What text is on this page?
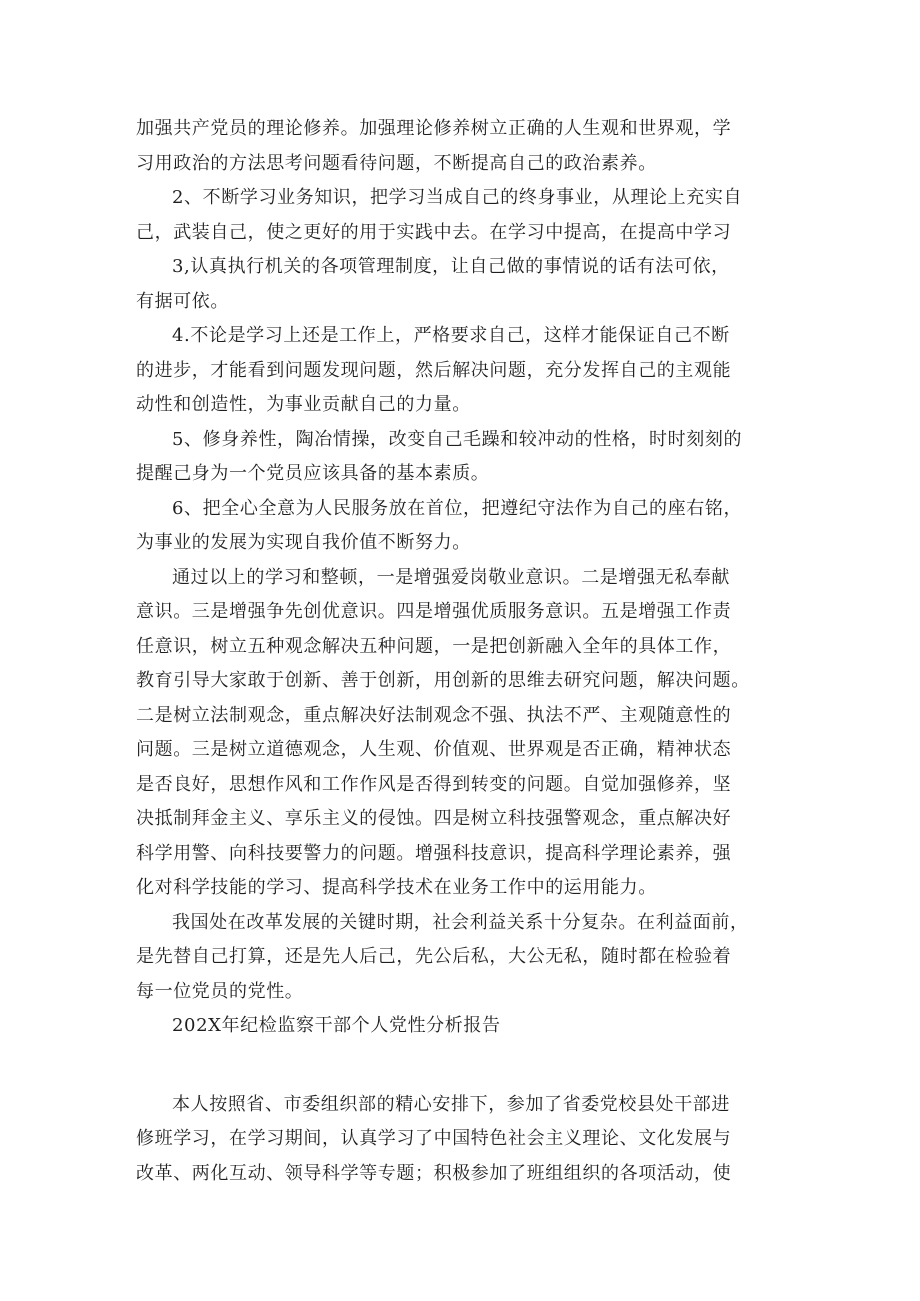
加强共产党员的理论修养。加强理论修养树立正确的人生观和世界观，学
习用政治的方法思考问题看待问题，不断提高自己的政治素养。
2、不断学习业务知识，把学习当成自己的终身事业，从理论上充实自
己，武装自己，使之更好的用于实践中去。在学习中提高，在提高中学习
3,认真执行机关的各项管理制度，让自己做的事情说的话有法可依，
有据可依。
4.不论是学习上还是工作上，严格要求自己，这样才能保证自己不断
的进步，才能看到问题发现问题，然后解决问题，充分发挥自己的主观能
动性和创造性，为事业贡献自己的力量。
5、修身养性，陶冶情操，改变自己毛躁和较冲动的性格，时时刻刻的
提醒己身为一个党员应该具备的基本素质。
6、把全心全意为人民服务放在首位，把遵纪守法作为自己的座右铭，
为事业的发展为实现自我价值不断努力。
通过以上的学习和整顿，一是增强爱岗敬业意识。二是增强无私奉献
意识。三是增强争先创优意识。四是增强优质服务意识。五是增强工作责
任意识，树立五种观念解决五种问题，一是把创新融入全年的具体工作，
教育引导大家敢于创新、善于创新，用创新的思维去研究问题，解决问题。
二是树立法制观念，重点解决好法制观念不强、执法不严、主观随意性的
问题。三是树立道德观念，人生观、价值观、世界观是否正确，精神状态
是否良好，思想作风和工作作风是否得到转变的问题。自觉加强修养，坚
决抵制拜金主义、享乐主义的侵蚀。四是树立科技强警观念，重点解决好
科学用警、向科技要警力的问题。增强科技意识，提高科学理论素养，强
化对科学技能的学习、提高科学技术在业务工作中的运用能力。
我国处在改革发展的关键时期，社会利益关系十分复杂。在利益面前，
是先替自己打算，还是先人后己，先公后私，大公无私，随时都在检验着
每一位党员的党性。
202X年纪检监察干部个人党性分析报告
本人按照省、市委组织部的精心安排下，参加了省委党校县处干部进
修班学习，在学习期间，认真学习了中国特色社会主义理论、文化发展与
改革、两化互动、领导科学等专题；积极参加了班组组织的各项活动，使
